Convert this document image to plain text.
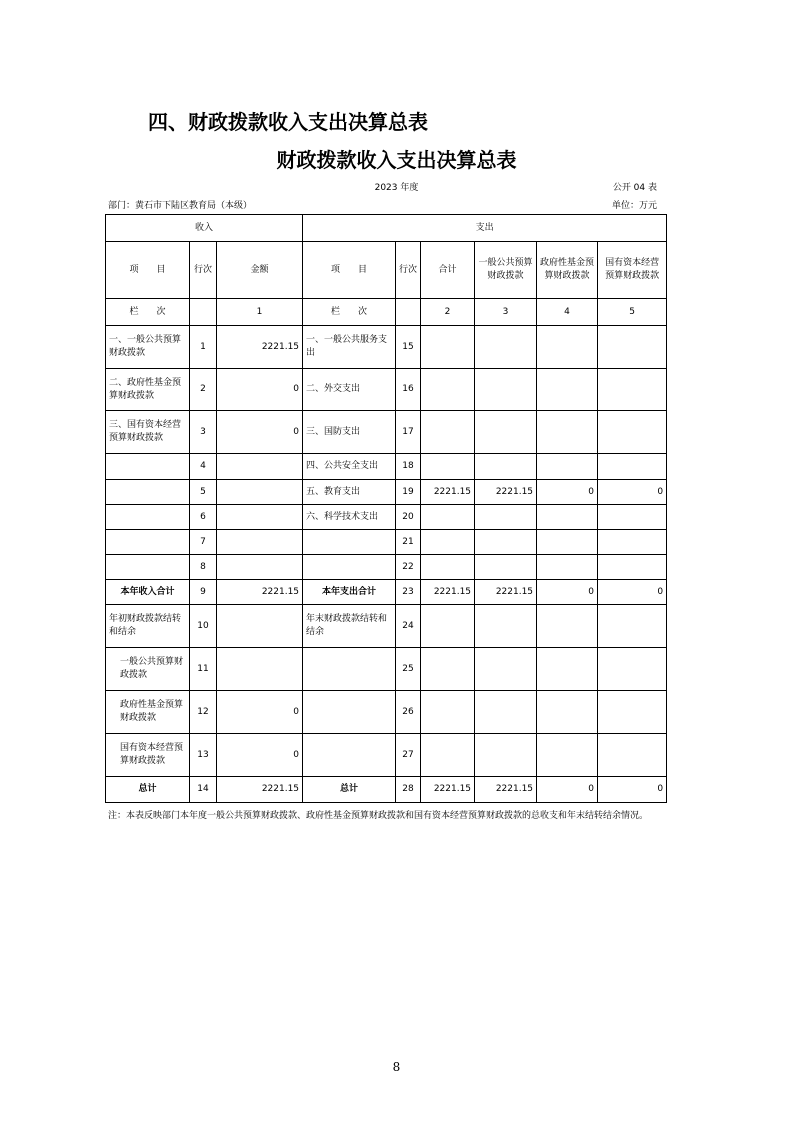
四、财政拨款收入支出决算总表
财政拨款收入支出决算总表
2023 年度	公开 04 表
部门：黄石市下陆区教育局（本级）	单位：万元
收入			支出					
项　　目	行次	金额	项　　目	行次	合计	一般公共预算财政拨款	政府性基金预算财政拨款	国有资本经营预算财政拨款
栏　　次		1	栏　　次		2	3	4	5
一、一般公共预算财政拨款	1	2221.15	一、一般公共服务支出	15				
二、政府性基金预算财政拨款	2	0	二、外交支出	16				
三、国有资本经营预算财政拨款	3	0	三、国防支出	17				
	4		四、公共安全支出	18				
	5		五、教育支出	19	2221.15	2221.15	0	0
	6		六、科学技术支出	20				
	7			21				
	8			22				
本年收入合计	9	2221.15	本年支出合计	23	2221.15	2221.15	0	0
年初财政拨款结转和结余	10		年末财政拨款结转和结余	24				
一般公共预算财政拨款	11			25				
政府性基金预算财政拨款	12	0		26				
国有资本经营预算财政拨款	13	0		27				
总计	14	2221.15	总计	28	2221.15	2221.15	0	0

注：本表反映部门本年度一般公共预算财政拨款、政府性基金预算财政拨款和国有资本经营预算财政拨款的总收支和年末结转结余情况。

8
